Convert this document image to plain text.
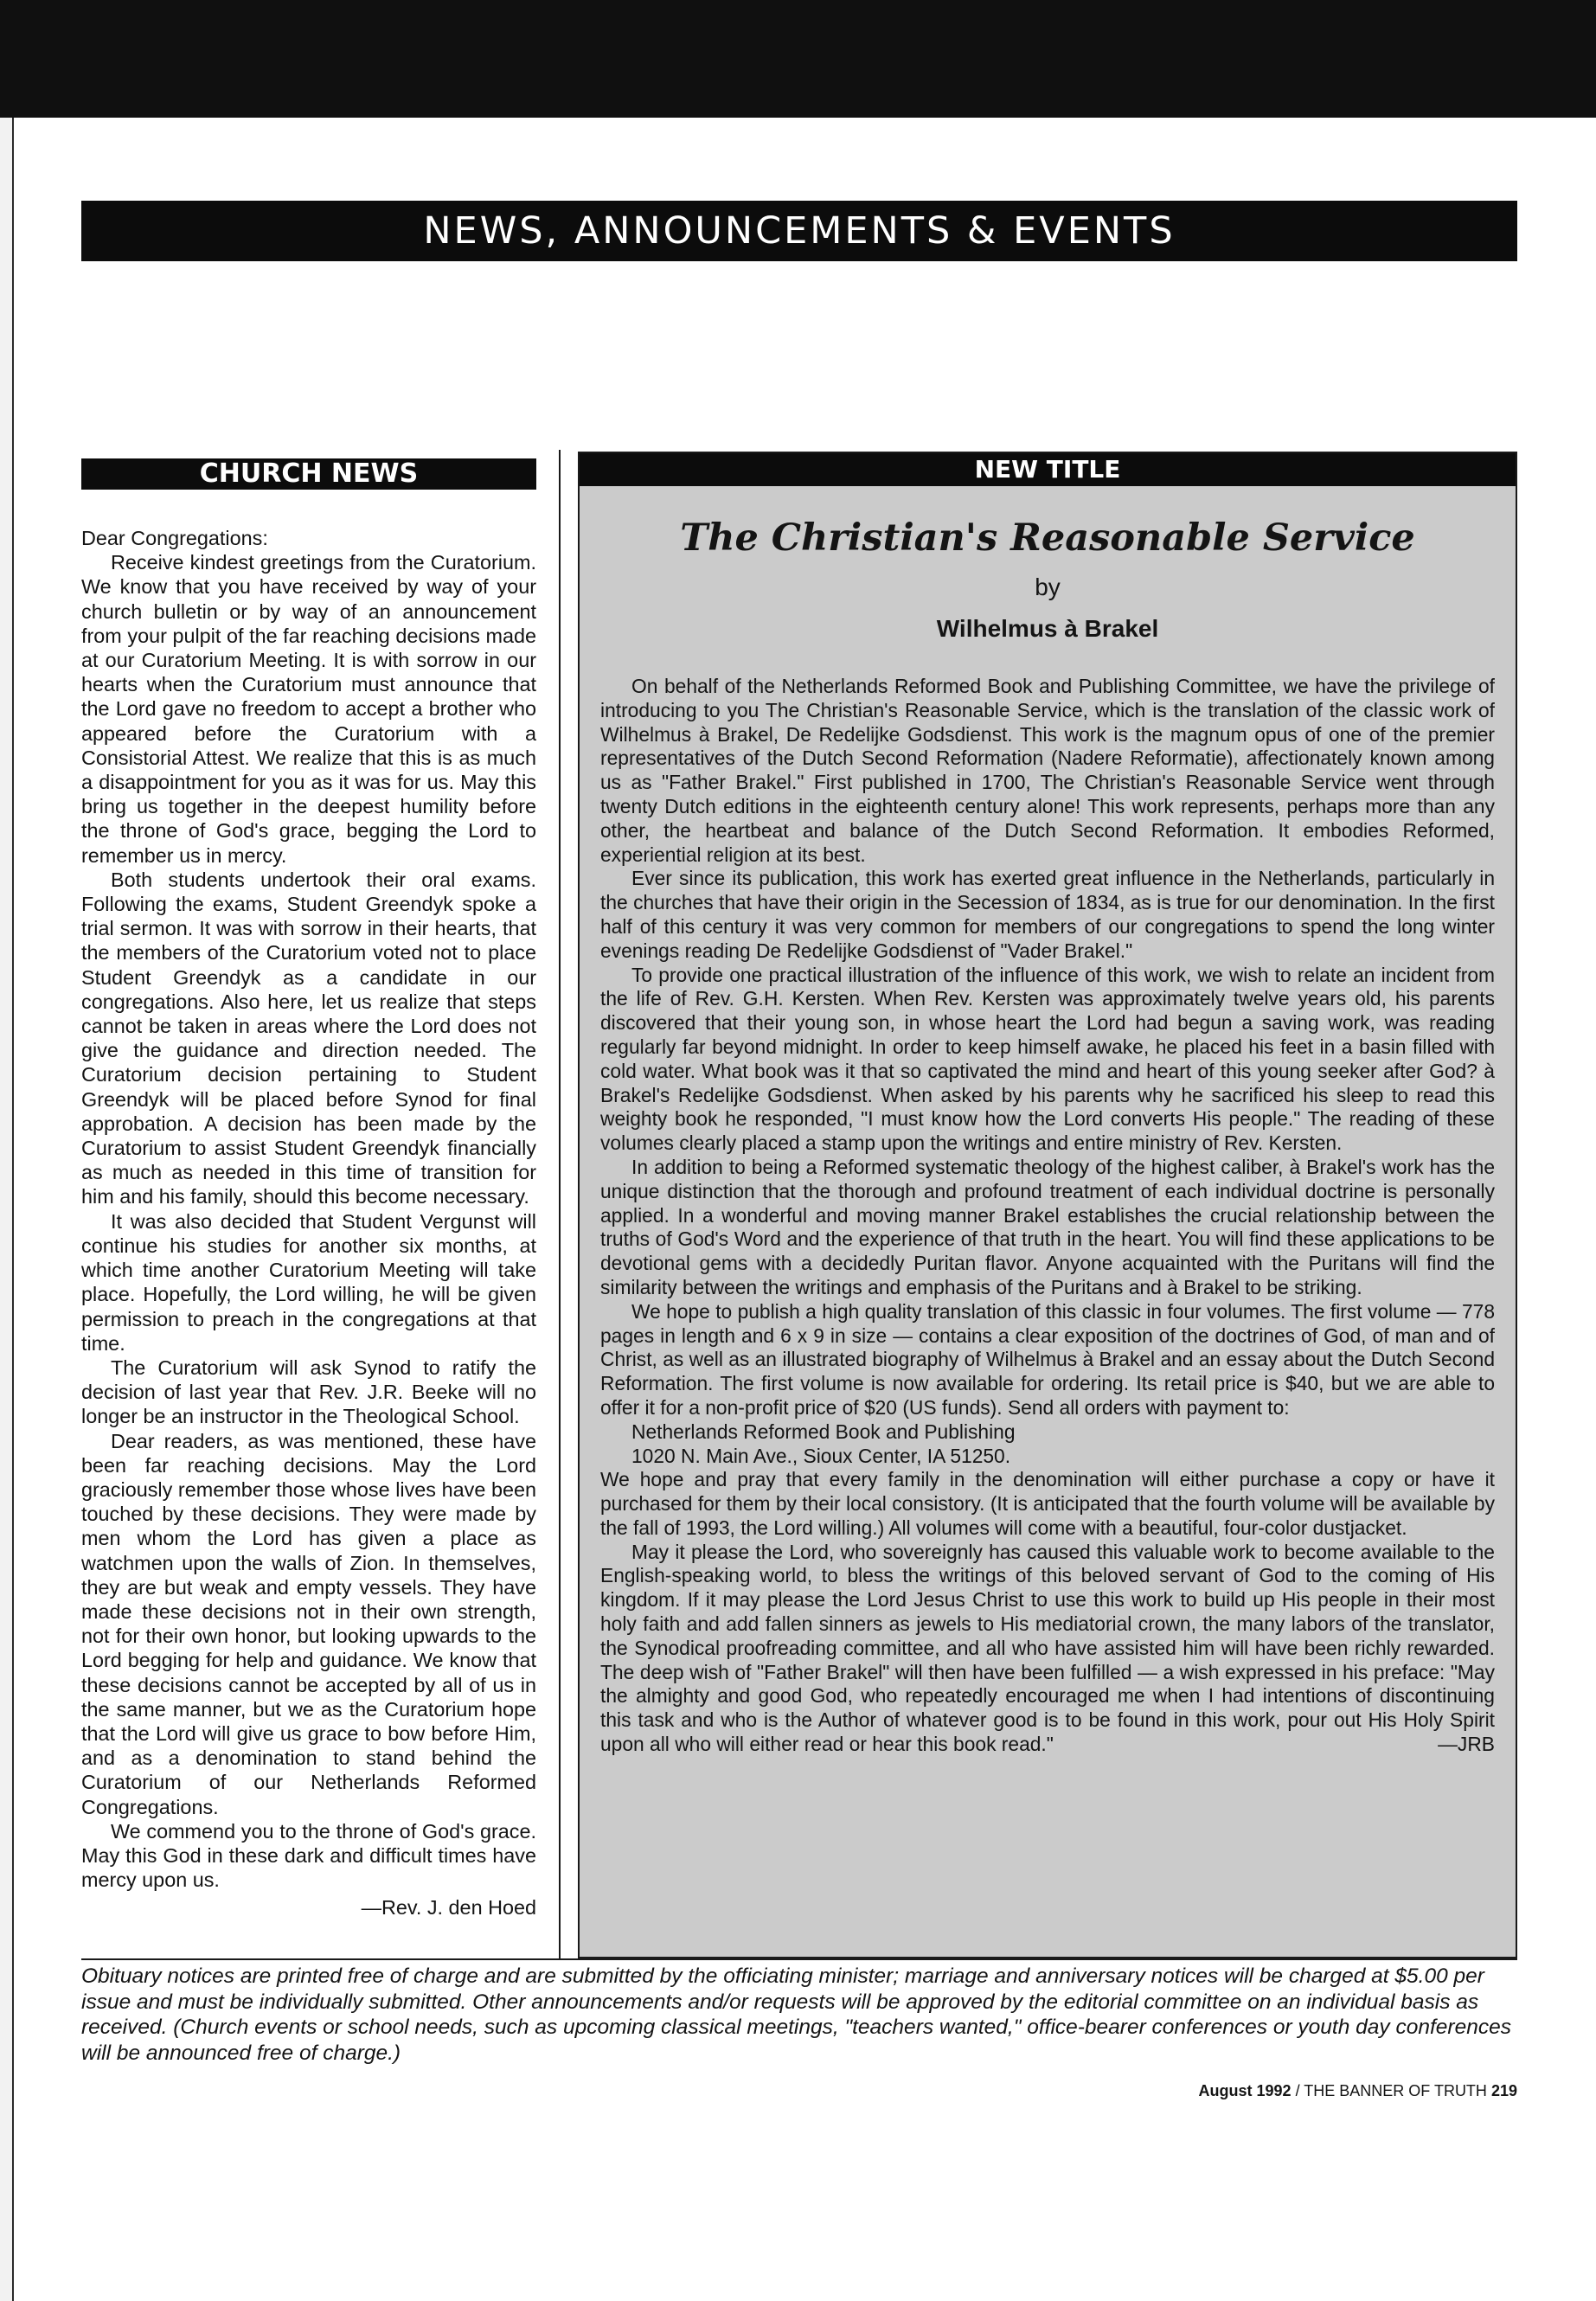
NEWS, ANNOUNCEMENTS & EVENTS
CHURCH NEWS

Dear Congregations:

Receive kindest greetings from the Curatorium. We know that you have received by way of your church bulletin or by way of an announcement from your pulpit of the far reaching decisions made at our Curatorium Meeting. It is with sorrow in our hearts when the Curatorium must announce that the Lord gave no freedom to accept a brother who appeared before the Curatorium with a Consistorial Attest. We realize that this is as much a disappointment for you as it was for us. May this bring us together in the deepest humility before the throne of God's grace, begging the Lord to remember us in mercy.

Both students undertook their oral exams. Following the exams, Student Greendyk spoke a trial sermon. It was with sorrow in their hearts, that the members of the Curatorium voted not to place Student Greendyk as a candidate in our congregations. Also here, let us realize that steps cannot be taken in areas where the Lord does not give the guidance and direction needed. The Curatorium decision pertaining to Student Greendyk will be placed before Synod for final approbation. A decision has been made by the Curatorium to assist Student Greendyk financially as much as needed in this time of transition for him and his family, should this become necessary.

It was also decided that Student Vergunst will continue his studies for another six months, at which time another Curatorium Meeting will take place. Hopefully, the Lord willing, he will be given permission to preach in the congregations at that time.

The Curatorium will ask Synod to ratify the decision of last year that Rev. J.R. Beeke will no longer be an instructor in the Theological School.

Dear readers, as was mentioned, these have been far reaching decisions. May the Lord graciously remember those whose lives have been touched by these decisions. They were made by men whom the Lord has given a place as watchmen upon the walls of Zion. In themselves, they are but weak and empty vessels. They have made these decisions not in their own strength, not for their own honor, but looking upwards to the Lord begging for help and guidance. We know that these decisions cannot be accepted by all of us in the same manner, but we as the Curatorium hope that the Lord will give us grace to bow before Him, and as a denomination to stand behind the Curatorium of our Netherlands Reformed Congregations.

We commend you to the throne of God's grace. May this God in these dark and difficult times have mercy upon us.

—Rev. J. den Hoed
NEW TITLE
The Christian's Reasonable Service
by
Wilhelmus à Brakel

On behalf of the Netherlands Reformed Book and Publishing Committee, we have the privilege of introducing to you The Christian's Reasonable Service, which is the translation of the classic work of Wilhelmus à Brakel, De Redelijke Godsdienst. This work is the magnum opus of one of the premier representatives of the Dutch Second Reformation (Nadere Reformatie), affectionately known among us as "Father Brakel." First published in 1700, The Christian's Reasonable Service went through twenty Dutch editions in the eighteenth century alone! This work represents, perhaps more than any other, the heartbeat and balance of the Dutch Second Reformation. It embodies Reformed, experiential religion at its best.

Ever since its publication, this work has exerted great influence in the Netherlands, particularly in the churches that have their origin in the Secession of 1834, as is true for our denomination. In the first half of this century it was very common for members of our congregations to spend the long winter evenings reading De Redelijke Godsdienst of "Vader Brakel."

To provide one practical illustration of the influence of this work, we wish to relate an incident from the life of Rev. G.H. Kersten. When Rev. Kersten was approximately twelve years old, his parents discovered that their young son, in whose heart the Lord had begun a saving work, was reading regularly far beyond midnight. In order to keep himself awake, he placed his feet in a basin filled with cold water. What book was it that so captivated the mind and heart of this young seeker after God? à Brakel's Redelijke Godsdienst. When asked by his parents why he sacrificed his sleep to read this weighty book he responded, "I must know how the Lord converts His people." The reading of these volumes clearly placed a stamp upon the writings and entire ministry of Rev. Kersten.

In addition to being a Reformed systematic theology of the highest caliber, à Brakel's work has the unique distinction that the thorough and profound treatment of each individual doctrine is personally applied. In a wonderful and moving manner Brakel establishes the crucial relationship between the truths of God's Word and the experience of that truth in the heart. You will find these applications to be devotional gems with a decidedly Puritan flavor. Anyone acquainted with the Puritans will find the similarity between the writings and emphasis of the Puritans and à Brakel to be striking.

We hope to publish a high quality translation of this classic in four volumes. The first volume — 778 pages in length and 6 x 9 in size — contains a clear exposition of the doctrines of God, of man and of Christ, as well as an illustrated biography of Wilhelmus à Brakel and an essay about the Dutch Second Reformation. The first volume is now available for ordering. Its retail price is $40, but we are able to offer it for a non-profit price of $20 (US funds). Send all orders with payment to:

Netherlands Reformed Book and Publishing

1020 N. Main Ave., Sioux Center, IA 51250.

We hope and pray that every family in the denomination will either purchase a copy or have it purchased for them by their local consistory. (It is anticipated that the fourth volume will be available by the fall of 1993, the Lord willing.) All volumes will come with a beautiful, four-color dustjacket.

May it please the Lord, who sovereignly has caused this valuable work to become available to the English-speaking world, to bless the writings of this beloved servant of God to the coming of His kingdom. If it may please the Lord Jesus Christ to use this work to build up His people in their most holy faith and add fallen sinners as jewels to His mediatorial crown, the many labors of the translator, the Synodical proofreading committee, and all who have assisted him will have been richly rewarded. The deep wish of "Father Brakel" will then have been fulfilled — a wish expressed in his preface: "May the almighty and good God, who repeatedly encouraged me when I had intentions of discontinuing this task and who is the Author of whatever good is to be found in this work, pour out His Holy Spirit upon all who will either read or hear this book read."	—JRB

Obituary notices are printed free of charge and are submitted by the officiating minister; marriage and anniversary notices will be charged at $5.00 per issue and must be individually submitted. Other announcements and/or requests will be approved by the editorial committee on an individual basis as received. (Church events or school needs, such as upcoming classical meetings, "teachers wanted," office-bearer conferences or youth day conferences will be announced free of charge.)
August 1992 / THE BANNER OF TRUTH 219
